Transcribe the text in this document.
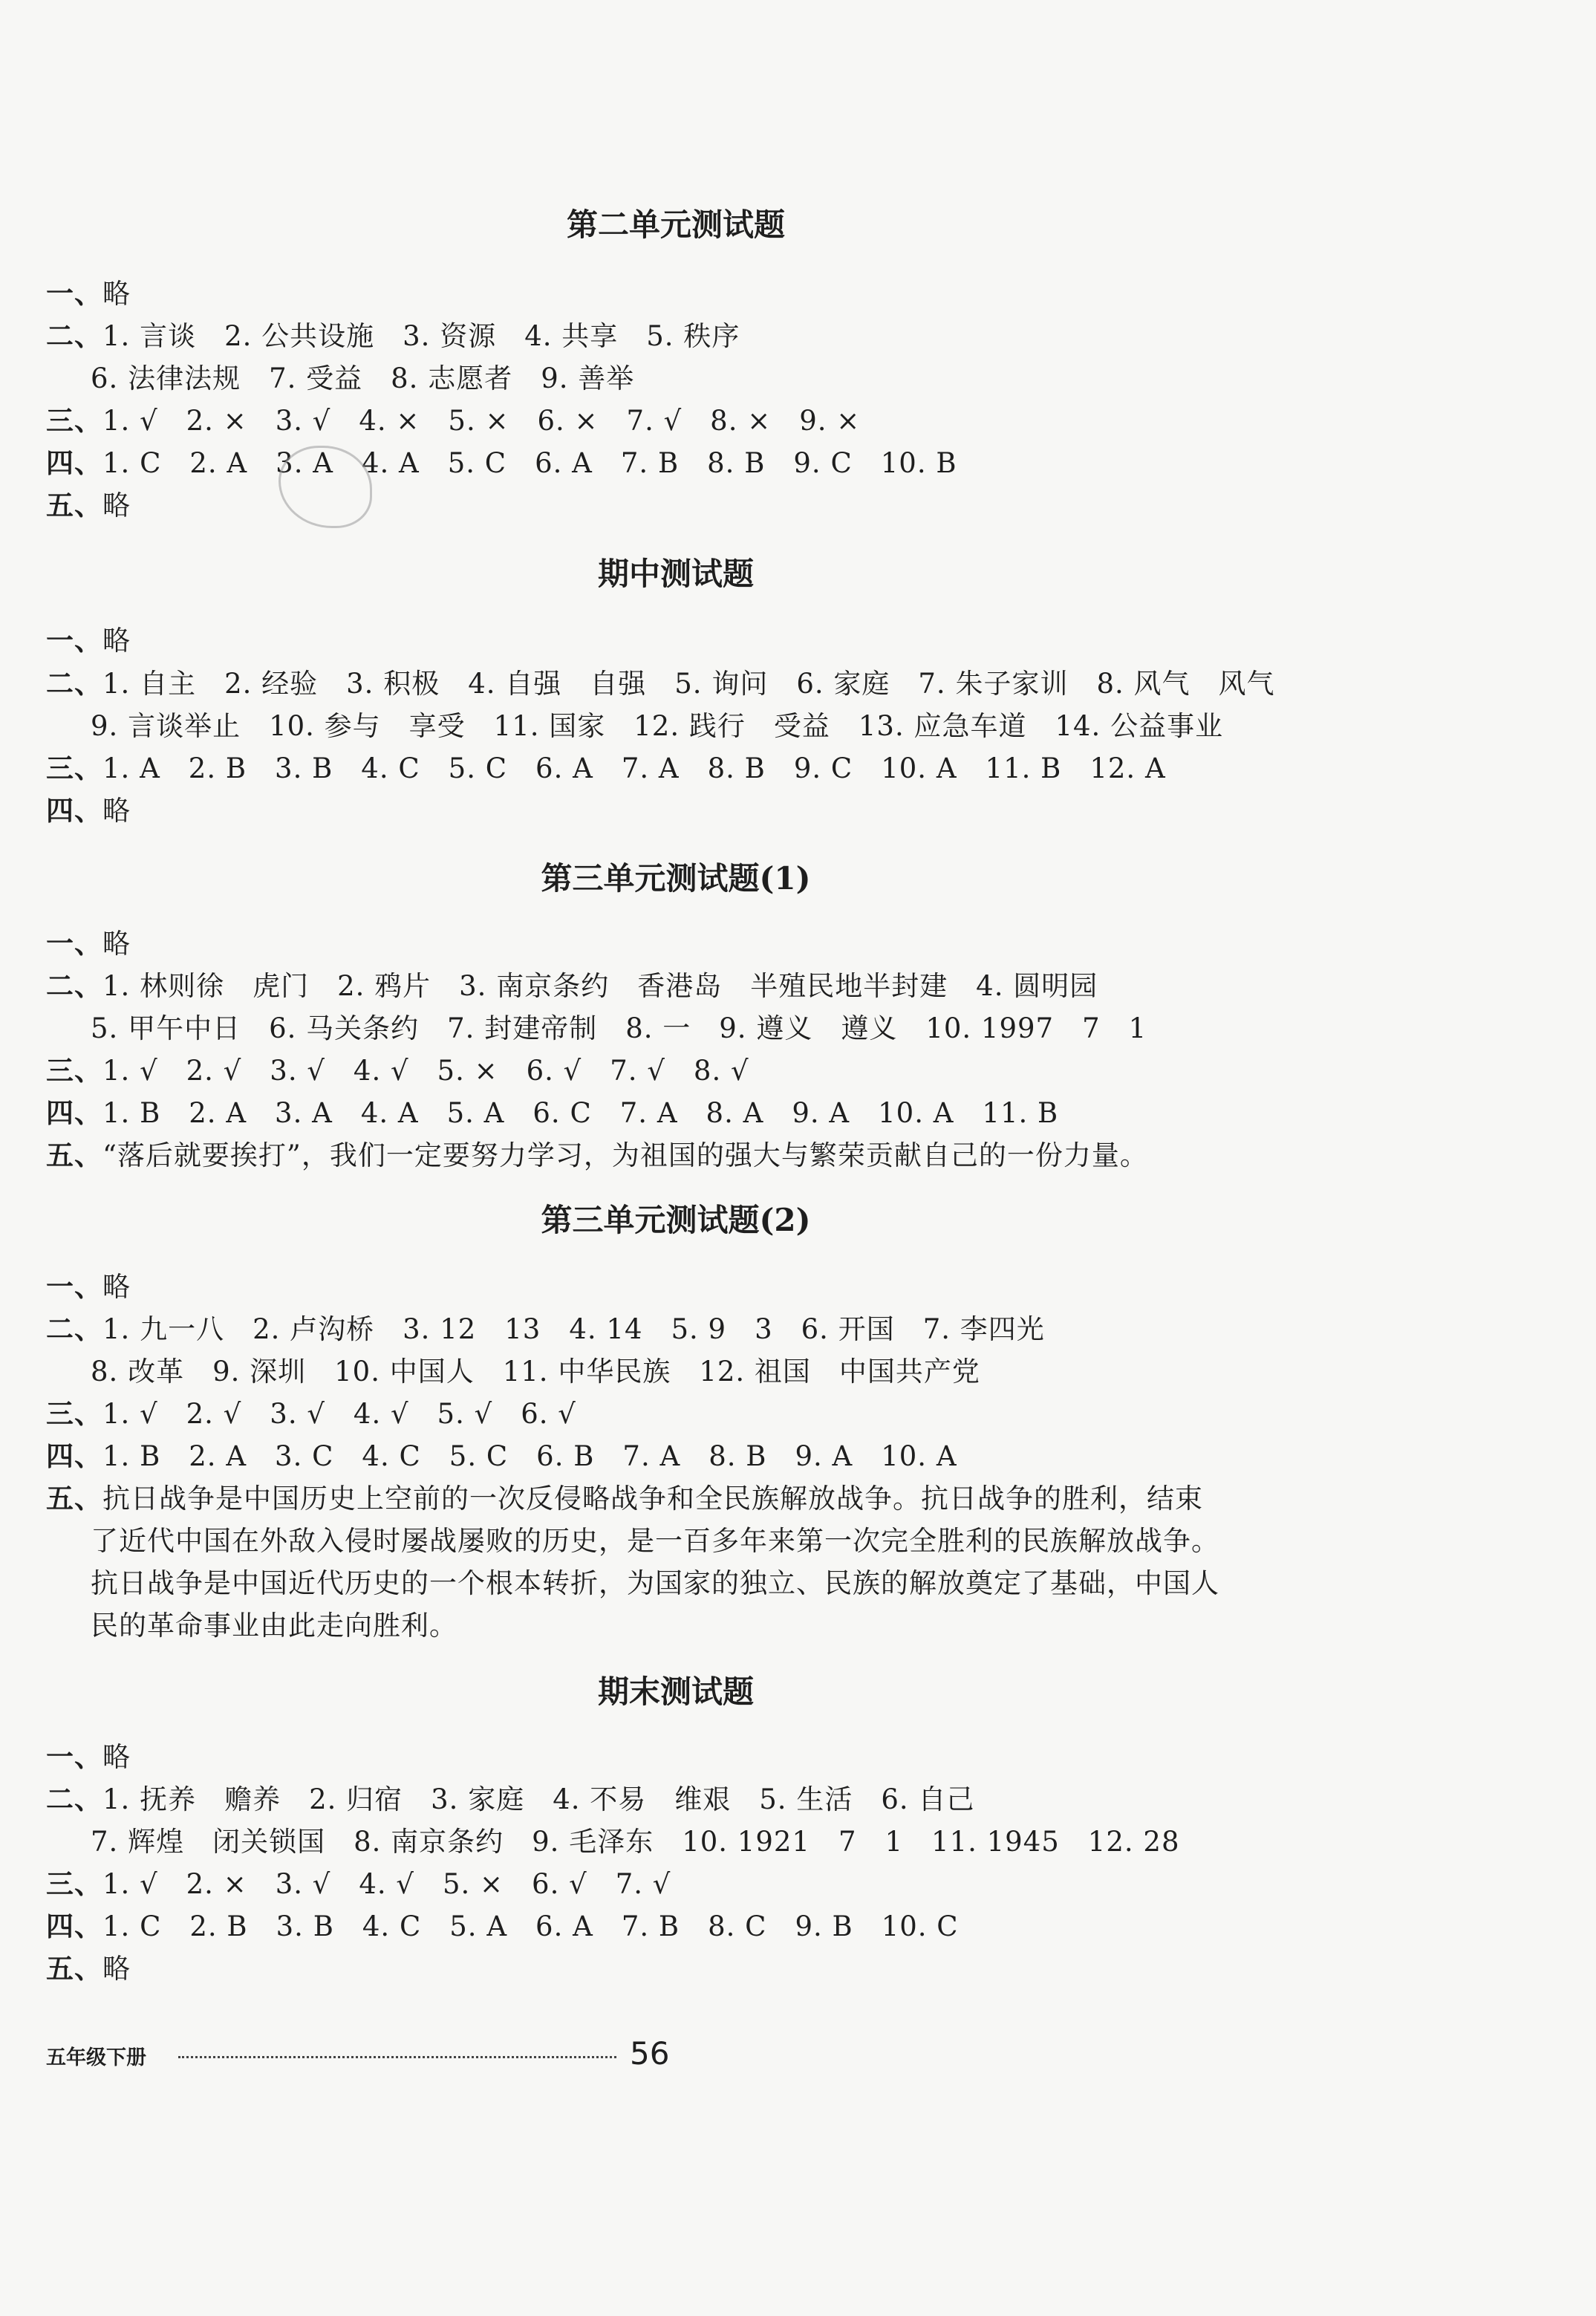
第二单元测试题
一、略
二、1. 言谈　2. 公共设施　3. 资源　4. 共享　5. 秩序
6. 法律法规　7. 受益　8. 志愿者　9. 善举
三、1. √　2. ×　3. √　4. ×　5. ×　6. ×　7. √　8. ×　9. ×
四、1. C　2. A　3. A　4. A　5. C　6. A　7. B　8. B　9. C　10. B
五、略
期中测试题
一、略
二、1. 自主　2. 经验　3. 积极　4. 自强　自强　5. 询问　6. 家庭　7. 朱子家训　8. 风气　风气
9. 言谈举止　10. 参与　享受　11. 国家　12. 践行　受益　13. 应急车道　14. 公益事业
三、1. A　2. B　3. B　4. C　5. C　6. A　7. A　8. B　9. C　10. A　11. B　12. A
四、略
第三单元测试题(1)
一、略
二、1. 林则徐　虎门　2. 鸦片　3. 南京条约　香港岛　半殖民地半封建　4. 圆明园
5. 甲午中日　6. 马关条约　7. 封建帝制　8. 一　9. 遵义　遵义　10. 1997　7　1
三、1. √　2. √　3. √　4. √　5. ×　6. √　7. √　8. √
四、1. B　2. A　3. A　4. A　5. A　6. C　7. A　8. A　9. A　10. A　11. B
五、“落后就要挨打”，我们一定要努力学习，为祖国的强大与繁荣贡献自己的一份力量。
第三单元测试题(2)
一、略
二、1. 九一八　2. 卢沟桥　3. 12　13　4. 14　5. 9　3　6. 开国　7. 李四光
8. 改革　9. 深圳　10. 中国人　11. 中华民族　12. 祖国　中国共产党
三、1. √　2. √　3. √　4. √　5. √　6. √
四、1. B　2. A　3. C　4. C　5. C　6. B　7. A　8. B　9. A　10. A
五、抗日战争是中国历史上空前的一次反侵略战争和全民族解放战争。抗日战争的胜利，结束
了近代中国在外敌入侵时屡战屡败的历史，是一百多年来第一次完全胜利的民族解放战争。
抗日战争是中国近代历史的一个根本转折，为国家的独立、民族的解放奠定了基础，中国人
民的革命事业由此走向胜利。
期末测试题
一、略
二、1. 抚养　赡养　2. 归宿　3. 家庭　4. 不易　维艰　5. 生活　6. 自己
7. 辉煌　闭关锁国　8. 南京条约　9. 毛泽东　10. 1921　7　1　11. 1945　12. 28
三、1. √　2. ×　3. √　4. √　5. ×　6. √　7. √
四、1. C　2. B　3. B　4. C　5. A　6. A　7. B　8. C　9. B　10. C
五、略
五年级下册	56
